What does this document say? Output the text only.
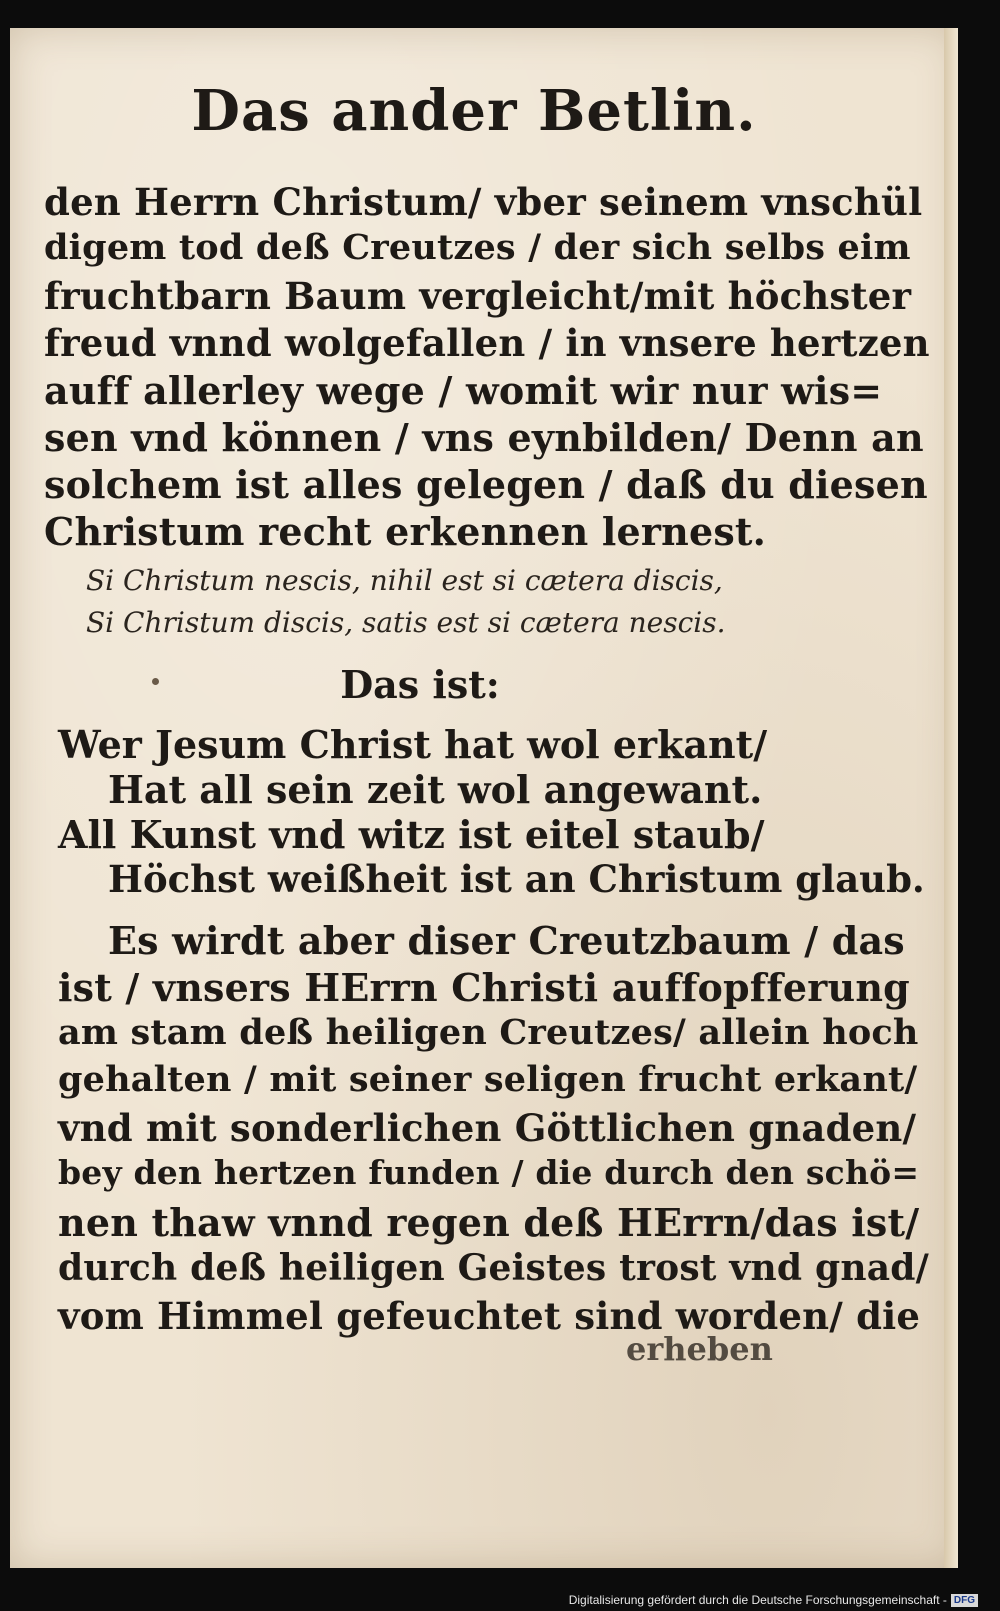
Das ander Betlin.
den Herrn Christum/ vber seinem vnschül
digem tod deß Creutzes / der sich selbs eim
fruchtbarn Baum vergleicht/mit höchster
freud vnnd wolgefallen / in vnsere hertzen
auff allerley wege / womit wir nur wis=
sen vnd können / vns eynbilden/ Denn an
solchem ist alles gelegen / daß du diesen
Christum recht erkennen lernest.
Si Christum nescis, nihil est si cætera discis,
Si Christum discis, satis est si cætera nescis.
Das ist:
Wer Jesum Christ hat wol erkant/
Hat all sein zeit wol angewant.
All Kunst vnd witz ist eitel staub/
Höchst weißheit ist an Christum glaub.
Es wirdt aber diser Creutzbaum / das
ist / vnsers HErrn Christi auffopfferung
am stam deß heiligen Creutzes/ allein hoch
gehalten / mit seiner seligen frucht erkant/
vnd mit sonderlichen Göttlichen gnaden/
bey den hertzen funden / die durch den schö=
nen thaw vnnd regen deß HErrn/das ist/
durch deß heiligen Geistes trost vnd gnad/
vom Himmel gefeuchtet sind worden/ die
erheben
Digitalisierung gefördert durch die Deutsche Forschungsgemeinschaft - DFG
